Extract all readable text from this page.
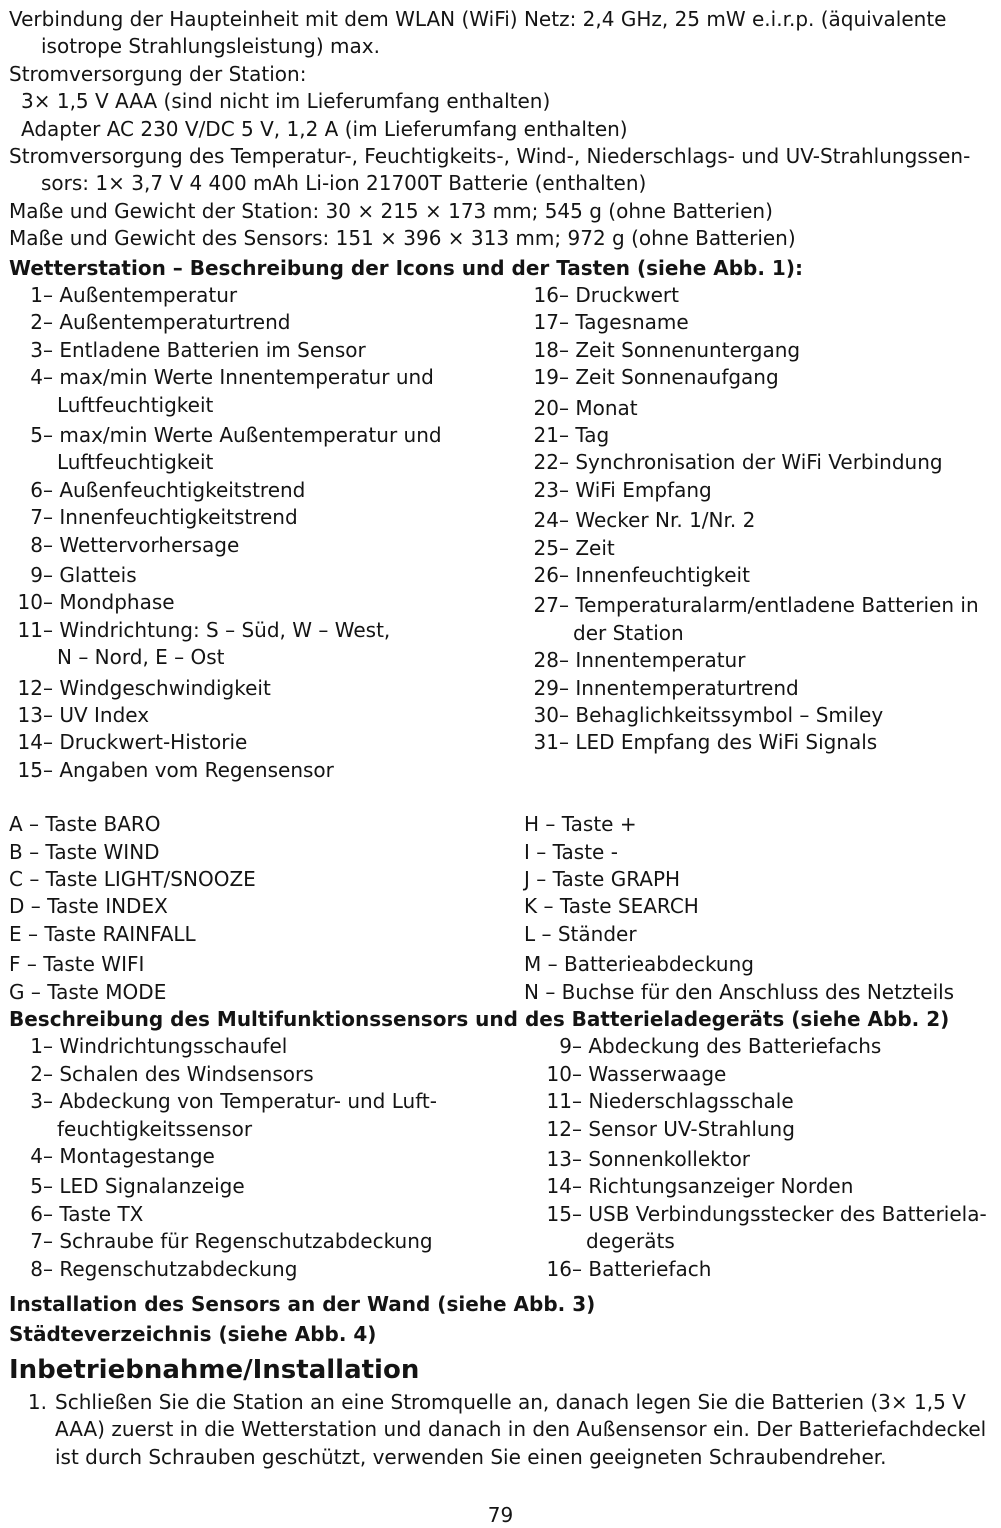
Verbindung der Haupteinheit mit dem WLAN (WiFi) Netz: 2,4 GHz, 25 mW e.i.r.p. (äquivalente
isotrope Strahlungsleistung) max.
Stromversorgung der Station:
3× 1,5 V AAA (sind nicht im Lieferumfang enthalten)
Adapter AC 230 V/DC 5 V, 1,2 A (im Lieferumfang enthalten)
Stromversorgung des Temperatur-, Feuchtigkeits-, Wind-, Niederschlags- und UV-Strahlungssen-
sors: 1× 3,7 V 4 400 mAh Li-ion 21700T Batterie (enthalten)
Maße und Gewicht der Station: 30 × 215 × 173 mm; 545 g (ohne Batterien)
Maße und Gewicht des Sensors: 151 × 396 × 313 mm; 972 g (ohne Batterien)
Wetterstation – Beschreibung der Icons und der Tasten (siehe Abb. 1):
1 – Außentemperatur
2 – Außentemperaturtrend
3 – Entladene Batterien im Sensor
4 – max/min Werte Innentemperatur und
Luftfeuchtigkeit
5 – max/min Werte Außentemperatur und
Luftfeuchtigkeit
6 – Außenfeuchtigkeitstrend
7 – Innenfeuchtigkeitstrend
8 – Wettervorhersage
9 – Glatteis
10 – Mondphase
11 – Windrichtung: S – Süd, W – West,
N – Nord, E – Ost
12 – Windgeschwindigkeit
13 – UV Index
14 – Druckwert-Historie
15 – Angaben vom Regensensor
16 – Druckwert
17 – Tagesname
18 – Zeit Sonnenuntergang
19 – Zeit Sonnenaufgang
20 – Monat
21 – Tag
22 – Synchronisation der WiFi Verbindung
23 – WiFi Empfang
24 – Wecker Nr. 1/Nr. 2
25 – Zeit
26 – Innenfeuchtigkeit
27 – Temperaturalarm/entladene Batterien in
der Station
28 – Innentemperatur
29 – Innentemperaturtrend
30 – Behaglichkeitssymbol – Smiley
31 – LED Empfang des WiFi Signals
A – Taste BARO
B – Taste WIND
C – Taste LIGHT/SNOOZE
D – Taste INDEX
E – Taste RAINFALL
F – Taste WIFI
G – Taste MODE
H – Taste +
I – Taste -
J – Taste GRAPH
K – Taste SEARCH
L – Ständer
M – Batterieabdeckung
N – Buchse für den Anschluss des Netzteils
Beschreibung des Multifunktionssensors und des Batterieladegeräts (siehe Abb. 2)
1 – Windrichtungsschaufel
2 – Schalen des Windsensors
3 – Abdeckung von Temperatur- und Luft-
feuchtigkeitssensor
4 – Montagestange
5 – LED Signalanzeige
6 – Taste TX
7 – Schraube für Regenschutzabdeckung
8 – Regenschutzabdeckung
9 – Abdeckung des Batteriefachs
10 – Wasserwaage
11 – Niederschlagsschale
12 – Sensor UV-Strahlung
13 – Sonnenkollektor
14 – Richtungsanzeiger Norden
15 – USB Verbindungsstecker des Batteriela-
degeräts
16 – Batteriefach
Installation des Sensors an der Wand (siehe Abb. 3)
Städteverzeichnis (siehe Abb. 4)
Inbetriebnahme/Installation
1. Schließen Sie die Station an eine Stromquelle an, danach legen Sie die Batterien (3× 1,5 V AAA) zuerst in die Wetterstation und danach in den Außensensor ein. Der Batteriefachdeckel ist durch Schrauben geschützt, verwenden Sie einen geeigneten Schraubendreher.
79
